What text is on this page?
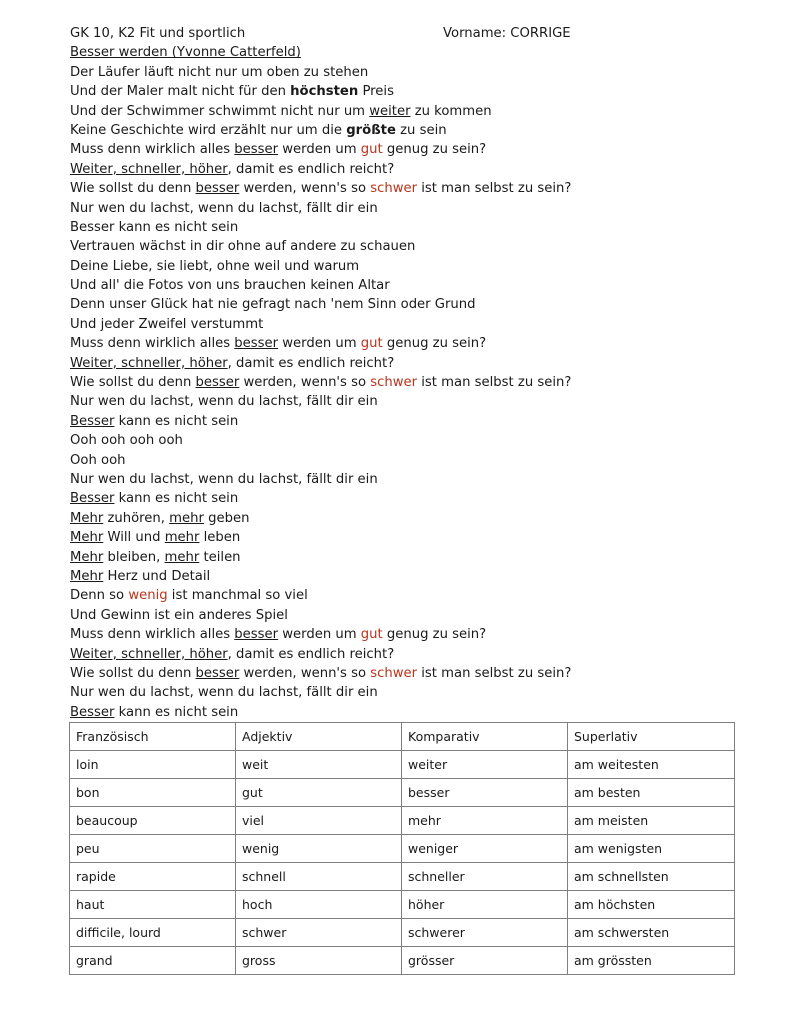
GK 10, K2 Fit und sportlich	Vorname: CORRIGE
Besser werden (Yvonne Catterfeld)
Der Läufer läuft nicht nur um oben zu stehen
Und der Maler malt nicht für den höchsten Preis
Und der Schwimmer schwimmt nicht nur um weiter zu kommen
Keine Geschichte wird erzählt nur um die größte zu sein
Muss denn wirklich alles besser werden um gut genug zu sein?
Weiter, schneller, höher, damit es endlich reicht?
Wie sollst du denn besser werden, wenn's so schwer ist man selbst zu sein?
Nur wen du lachst, wenn du lachst, fällt dir ein
Besser kann es nicht sein
Vertrauen wächst in dir ohne auf andere zu schauen
Deine Liebe, sie liebt, ohne weil und warum
Und all' die Fotos von uns brauchen keinen Altar
Denn unser Glück hat nie gefragt nach 'nem Sinn oder Grund
Und jeder Zweifel verstummt
Muss denn wirklich alles besser werden um gut genug zu sein?
Weiter, schneller, höher, damit es endlich reicht?
Wie sollst du denn besser werden, wenn's so schwer ist man selbst zu sein?
Nur wen du lachst, wenn du lachst, fällt dir ein
Besser kann es nicht sein
Ooh ooh ooh ooh
Ooh ooh
Nur wen du lachst, wenn du lachst, fällt dir ein
Besser kann es nicht sein
Mehr zuhören, mehr geben
Mehr Will und mehr leben
Mehr bleiben, mehr teilen
Mehr Herz und Detail
Denn so wenig ist manchmal so viel
Und Gewinn ist ein anderes Spiel
Muss denn wirklich alles besser werden um gut genug zu sein?
Weiter, schneller, höher, damit es endlich reicht?
Wie sollst du denn besser werden, wenn's so schwer ist man selbst zu sein?
Nur wen du lachst, wenn du lachst, fällt dir ein
Besser kann es nicht sein
Französisch	Adjektiv	Komparativ	Superlativ
loin	weit	weiter	am weitesten
bon	gut	besser	am besten
beaucoup	viel	mehr	am meisten
peu	wenig	weniger	am wenigsten
rapide	schnell	schneller	am schnellsten
haut	hoch	höher	am höchsten
difficile, lourd	schwer	schwerer	am schwersten
grand	gross	grösser	am grössten
